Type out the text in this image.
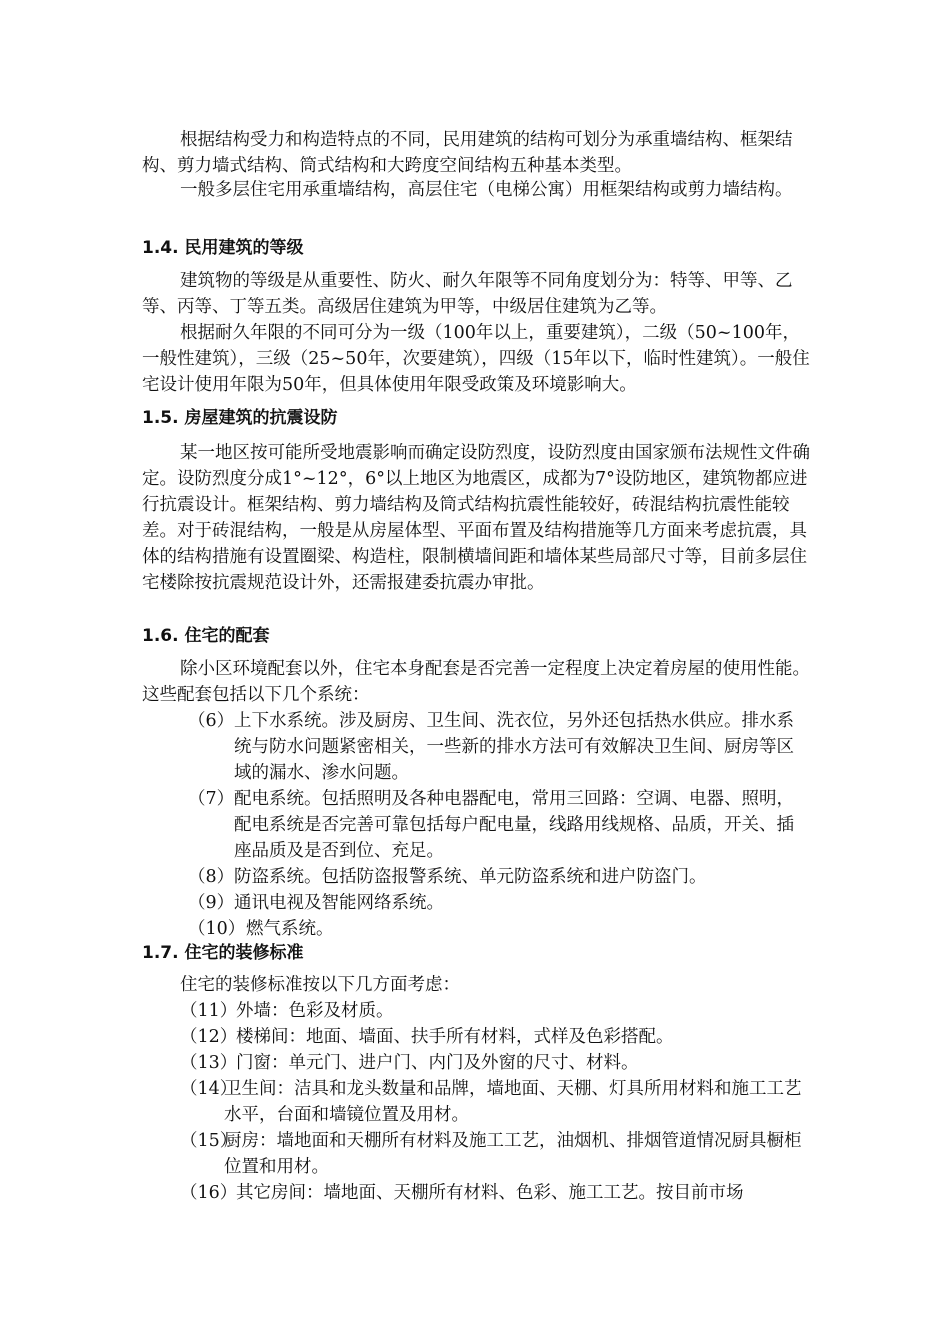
根据结构受力和构造特点的不同，民用建筑的结构可划分为承重墙结构、框架结构、剪力墙式结构、筒式结构和大跨度空间结构五种基本类型。

一般多层住宅用承重墙结构，高层住宅（电梯公寓）用框架结构或剪力墙结构。

1.4. 民用建筑的等级

建筑物的等级是从重要性、防火、耐久年限等不同角度划分为：特等、甲等、乙等、丙等、丁等五类。高级居住建筑为甲等，中级居住建筑为乙等。

根据耐久年限的不同可分为一级（100年以上，重要建筑），二级（50~100年，一般性建筑），三级（25~50年，次要建筑），四级（15年以下，临时性建筑）。一般住宅设计使用年限为50年，但具体使用年限受政策及环境影响大。

1.5. 房屋建筑的抗震设防

某一地区按可能所受地震影响而确定设防烈度，设防烈度由国家颁布法规性文件确定。设防烈度分成1°~12°，6°以上地区为地震区，成都为7°设防地区，建筑物都应进行抗震设计。框架结构、剪力墙结构及筒式结构抗震性能较好，砖混结构抗震性能较差。对于砖混结构，一般是从房屋体型、平面布置及结构措施等几方面来考虑抗震，具体的结构措施有设置圈梁、构造柱，限制横墙间距和墙体某些局部尺寸等，目前多层住宅楼除按抗震规范设计外，还需报建委抗震办审批。

1.6. 住宅的配套

除小区环境配套以外，住宅本身配套是否完善一定程度上决定着房屋的使用性能。这些配套包括以下几个系统：

（6） 上下水系统。涉及厨房、卫生间、洗衣位，另外还包括热水供应。排水系统与防水问题紧密相关，一些新的排水方法可有效解决卫生间、厨房等区域的漏水、渗水问题。
（7） 配电系统。包括照明及各种电器配电，常用三回路：空调、电器、照明，配电系统是否完善可靠包括每户配电量，线路用线规格、品质，开关、插座品质及是否到位、充足。
（8） 防盗系统。包括防盗报警系统、单元防盗系统和进户防盗门。
（9） 通讯电视及智能网络系统。
（10） 燃气系统。
1.7. 住宅的装修标准

住宅的装修标准按以下几方面考虑：

（11）
外墙：色彩及材质。
（12）
楼梯间：地面、墙面、扶手所有材料，式样及色彩搭配。
（13）
门窗：单元门、进户门、内门及外窗的尺寸、材料。
（14）
卫生间：洁具和龙头数量和品牌，墙地面、天棚、灯具所用材料和施工工艺水平，台面和墙镜位置及用材。
（15）
厨房：墙地面和天棚所有材料及施工工艺，油烟机、排烟管道情况厨具橱柜位置和用材。
（16）
其它房间：墙地面、天棚所有材料、色彩、施工工艺。按目前市场
